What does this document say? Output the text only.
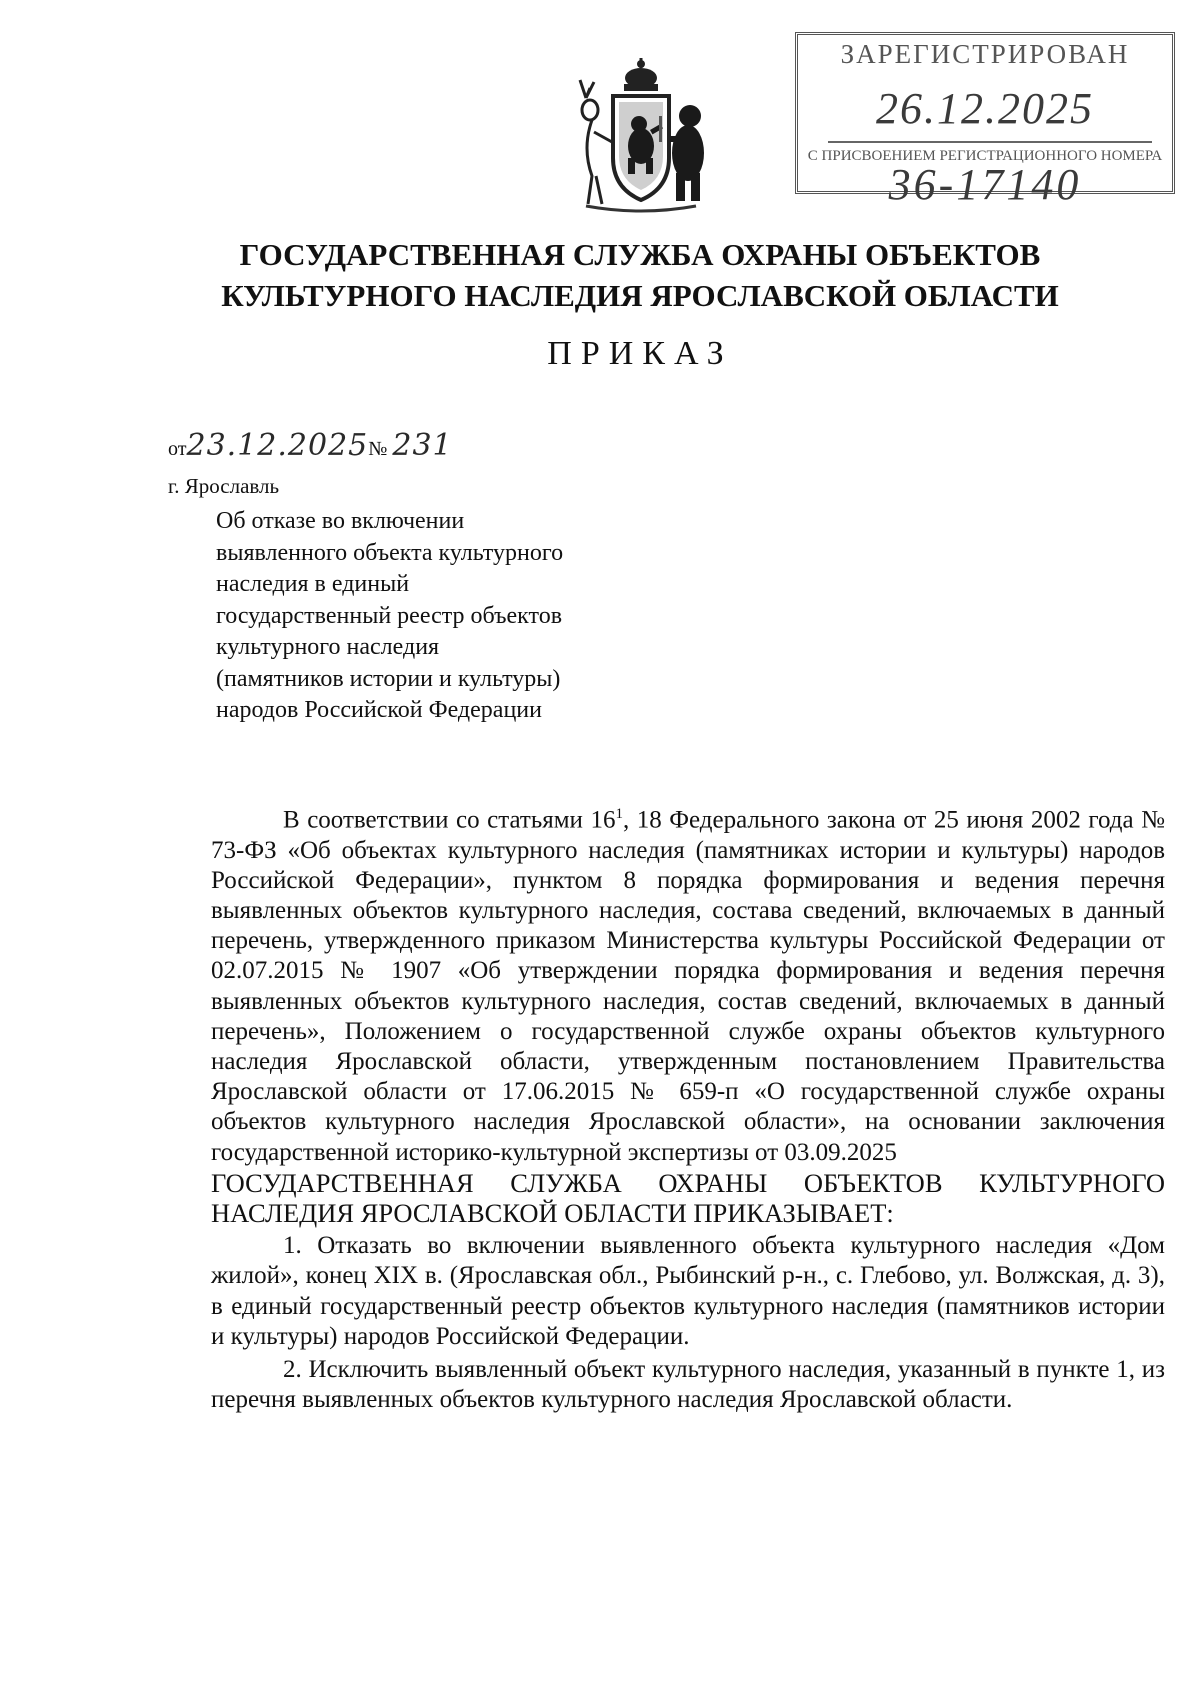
ЗАРЕГИСТРИРОВАН
26.12.2025
С ПРИСВОЕНИЕМ РЕГИСТРАЦИОННОГО НОМЕРА
36-17140
ГОСУДАРСТВЕННАЯ СЛУЖБА ОХРАНЫ ОБЪЕКТОВ
КУЛЬТУРНОГО НАСЛЕДИЯ ЯРОСЛАВСКОЙ ОБЛАСТИ
ПРИКАЗ
от23.12.2025№ 231
г. Ярославль
Об отказе во включении
выявленного объекта культурного
наследия в единый
государственный реестр объектов
культурного наследия
(памятников истории и культуры)
народов Российской Федерации

В соответствии со статьями $16^1$, 18 Федерального закона от 25 июня 2002 года № 73-ФЗ «Об объектах культурного наследия (памятниках истории и культуры) народов Российской Федерации», пунктом 8 порядка формирования и ведения перечня выявленных объектов культурного наследия, состава сведений, включаемых в данный перечень, утвержденного приказом Министерства культуры Российской Федерации от 02.07.2015 № 1907 «Об утверждении порядка формирования и ведения перечня выявленных объектов культурного наследия, состав сведений, включаемых в данный перечень», Положением о государственной службе охраны объектов культурного наследия Ярославской области, утвержденным постановлением Правительства Ярославской области от 17.06.2015 № 659-п «О государственной службе охраны объектов культурного наследия Ярославской области», на основании заключения государственной историко-культурной экспертизы от 03.09.2025

ГОСУДАРСТВЕННАЯ СЛУЖБА ОХРАНЫ ОБЪЕКТОВ КУЛЬТУРНОГО НАСЛЕДИЯ ЯРОСЛАВСКОЙ ОБЛАСТИ ПРИКАЗЫВАЕТ:

1. Отказать во включении выявленного объекта культурного наследия «Дом жилой», конец XIX в. (Ярославская обл., Рыбинский р-н., с. Глебово, ул. Волжская, д. 3), в единый государственный реестр объектов культурного наследия (памятников истории и культуры) народов Российской Федерации.

2. Исключить выявленный объект культурного наследия, указанный в пункте 1, из перечня выявленных объектов культурного наследия Ярославской области.
